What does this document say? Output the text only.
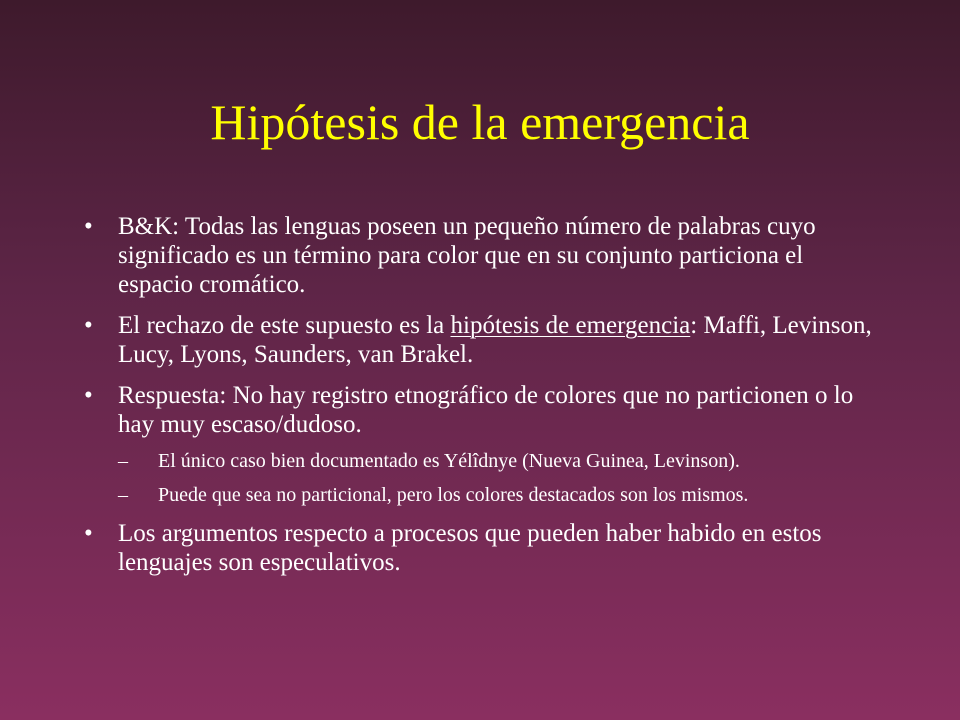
Hipótesis de la emergencia
• B&K: Todas las lenguas poseen un pequeño número de palabras cuyo significado es un término para color que en su conjunto particiona el espacio cromático.
• El rechazo de este supuesto es la hipótesis de emergencia: Maffi, Levinson, Lucy, Lyons, Saunders, van Brakel.
• Respuesta: No hay registro etnográfico de colores que no particionen o lo hay muy escaso/dudoso.
– El único caso bien documentado es Yélîdnye (Nueva Guinea, Levinson).
– Puede que sea no particional, pero los colores destacados son los mismos.
• Los argumentos respecto a procesos que pueden haber habido en estos lenguajes son especulativos.
